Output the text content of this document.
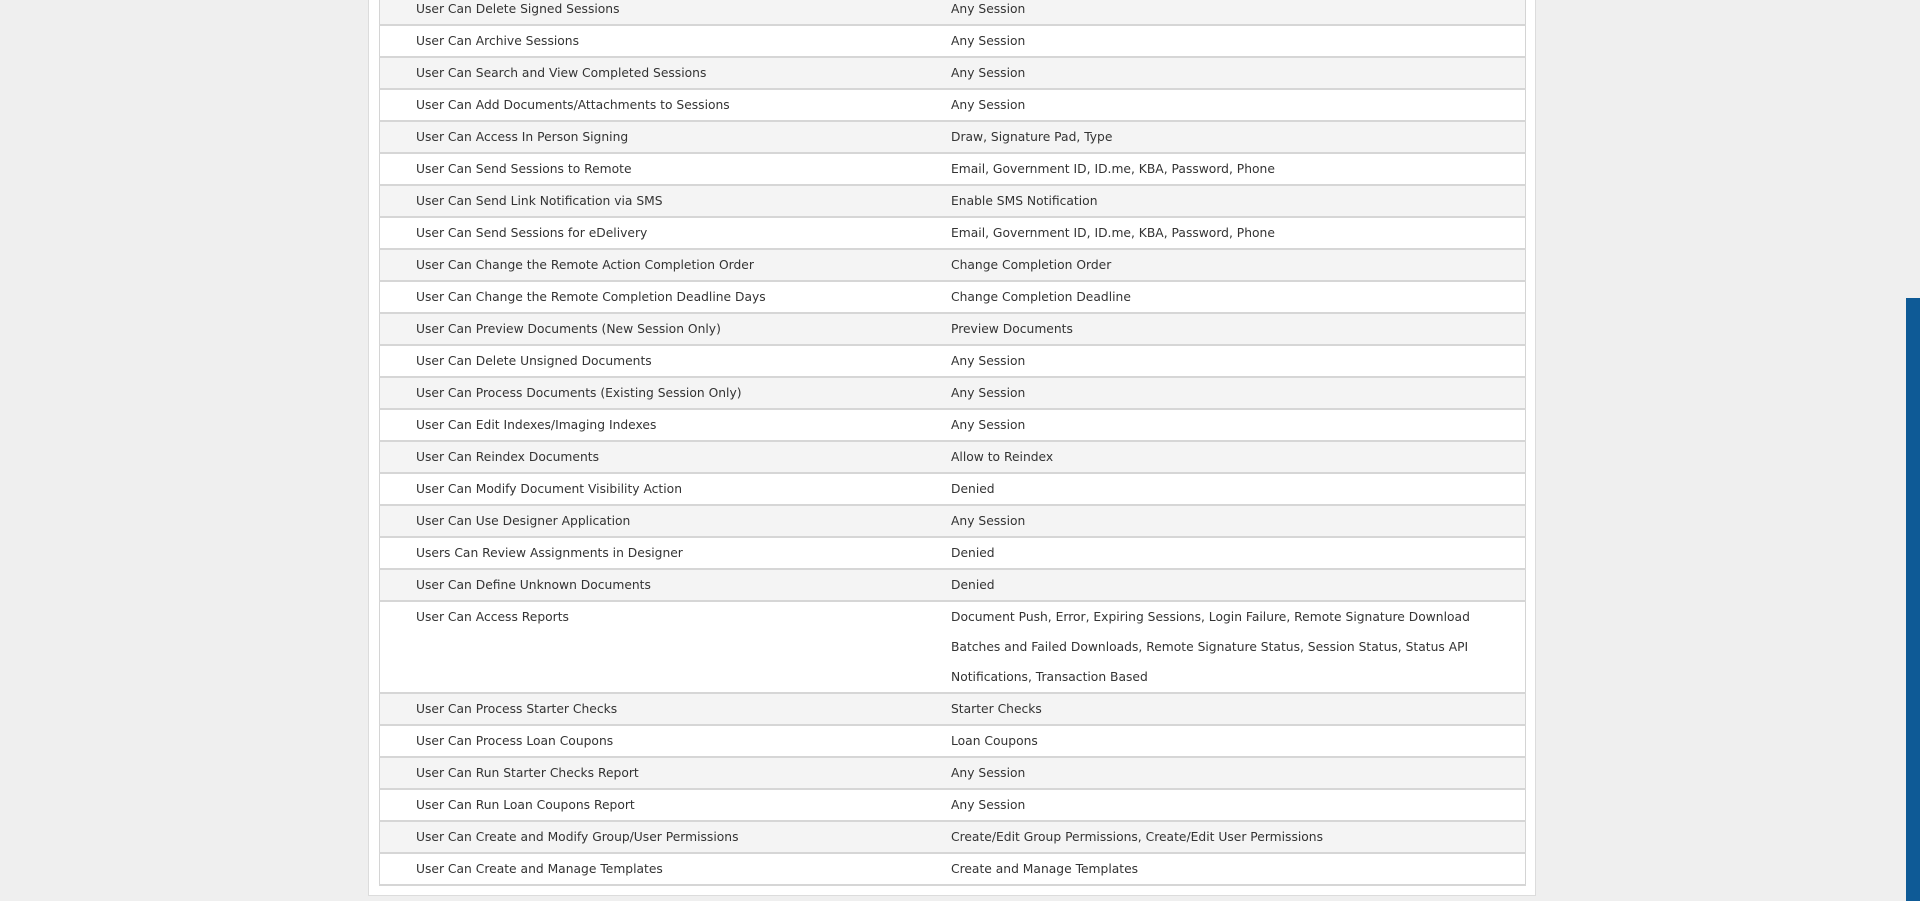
User Can Delete Signed Sessions	Any Session
User Can Archive Sessions	Any Session
User Can Search and View Completed Sessions	Any Session
User Can Add Documents/Attachments to Sessions	Any Session
User Can Access In Person Signing	Draw, Signature Pad, Type
User Can Send Sessions to Remote	Email, Government ID, ID.me, KBA, Password, Phone
User Can Send Link Notification via SMS	Enable SMS Notification
User Can Send Sessions for eDelivery	Email, Government ID, ID.me, KBA, Password, Phone
User Can Change the Remote Action Completion Order	Change Completion Order
User Can Change the Remote Completion Deadline Days	Change Completion Deadline
User Can Preview Documents (New Session Only)	Preview Documents
User Can Delete Unsigned Documents	Any Session
User Can Process Documents (Existing Session Only)	Any Session
User Can Edit Indexes/Imaging Indexes	Any Session
User Can Reindex Documents	Allow to Reindex
User Can Modify Document Visibility Action	Denied
User Can Use Designer Application	Any Session
Users Can Review Assignments in Designer	Denied
User Can Define Unknown Documents	Denied
User Can Access Reports	Document Push, Error, Expiring Sessions, Login Failure, Remote Signature Download Batches and Failed Downloads, Remote Signature Status, Session Status, Status API Notifications, Transaction Based
User Can Process Starter Checks	Starter Checks
User Can Process Loan Coupons	Loan Coupons
User Can Run Starter Checks Report	Any Session
User Can Run Loan Coupons Report	Any Session
User Can Create and Modify Group/User Permissions	Create/Edit Group Permissions, Create/Edit User Permissions
User Can Create and Manage Templates	Create and Manage Templates
